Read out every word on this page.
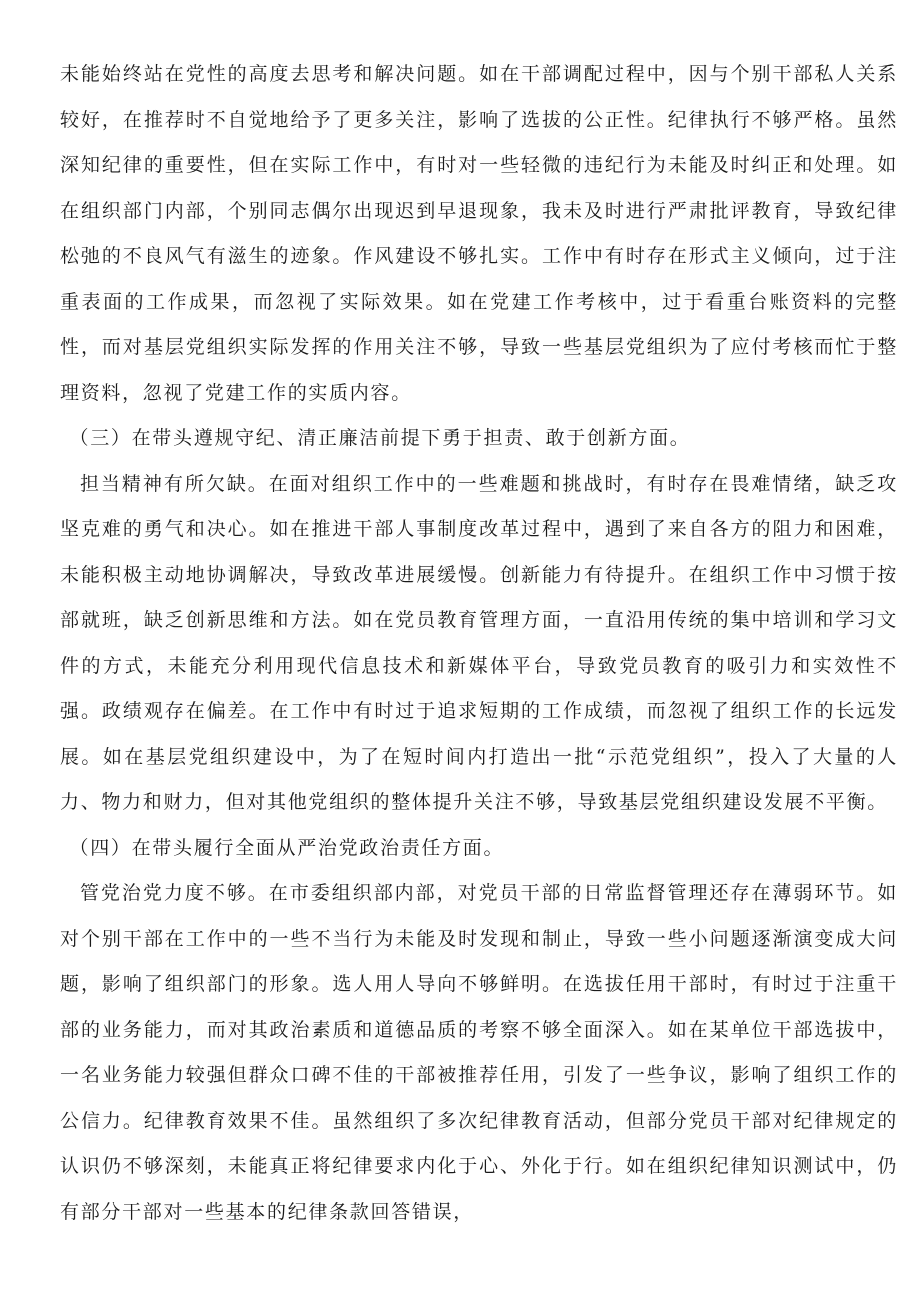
未能始终站在党性的高度去思考和解决问题。如在干部调配过程中，因与个别干部私人关系较好，在推荐时不自觉地给予了更多关注，影响了选拔的公正性。纪律执行不够严格。虽然深知纪律的重要性，但在实际工作中，有时对一些轻微的违纪行为未能及时纠正和处理。如在组织部门内部，个别同志偶尔出现迟到早退现象，我未及时进行严肃批评教育，导致纪律松弛的不良风气有滋生的迹象。作风建设不够扎实。工作中有时存在形式主义倾向，过于注重表面的工作成果，而忽视了实际效果。如在党建工作考核中，过于看重台账资料的完整性，而对基层党组织实际发挥的作用关注不够，导致一些基层党组织为了应付考核而忙于整理资料，忽视了党建工作的实质内容。

（三）在带头遵规守纪、清正廉洁前提下勇于担责、敢于创新方面。

担当精神有所欠缺。在面对组织工作中的一些难题和挑战时，有时存在畏难情绪，缺乏攻坚克难的勇气和决心。如在推进干部人事制度改革过程中，遇到了来自各方的阻力和困难，未能积极主动地协调解决，导致改革进展缓慢。创新能力有待提升。在组织工作中习惯于按部就班，缺乏创新思维和方法。如在党员教育管理方面，一直沿用传统的集中培训和学习文件的方式，未能充分利用现代信息技术和新媒体平台，导致党员教育的吸引力和实效性不强。政绩观存在偏差。在工作中有时过于追求短期的工作成绩，而忽视了组织工作的长远发展。如在基层党组织建设中，为了在短时间内打造出一批“示范党组织”，投入了大量的人力、物力和财力，但对其他党组织的整体提升关注不够，导致基层党组织建设发展不平衡。

（四）在带头履行全面从严治党政治责任方面。

管党治党力度不够。在市委组织部内部，对党员干部的日常监督管理还存在薄弱环节。如对个别干部在工作中的一些不当行为未能及时发现和制止，导致一些小问题逐渐演变成大问题，影响了组织部门的形象。选人用人导向不够鲜明。在选拔任用干部时，有时过于注重干部的业务能力，而对其政治素质和道德品质的考察不够全面深入。如在某单位干部选拔中，一名业务能力较强但群众口碑不佳的干部被推荐任用，引发了一些争议，影响了组织工作的公信力。纪律教育效果不佳。虽然组织了多次纪律教育活动，但部分党员干部对纪律规定的认识仍不够深刻，未能真正将纪律要求内化于心、外化于行。如在组织纪律知识测试中，仍有部分干部对一些基本的纪律条款回答错误，
